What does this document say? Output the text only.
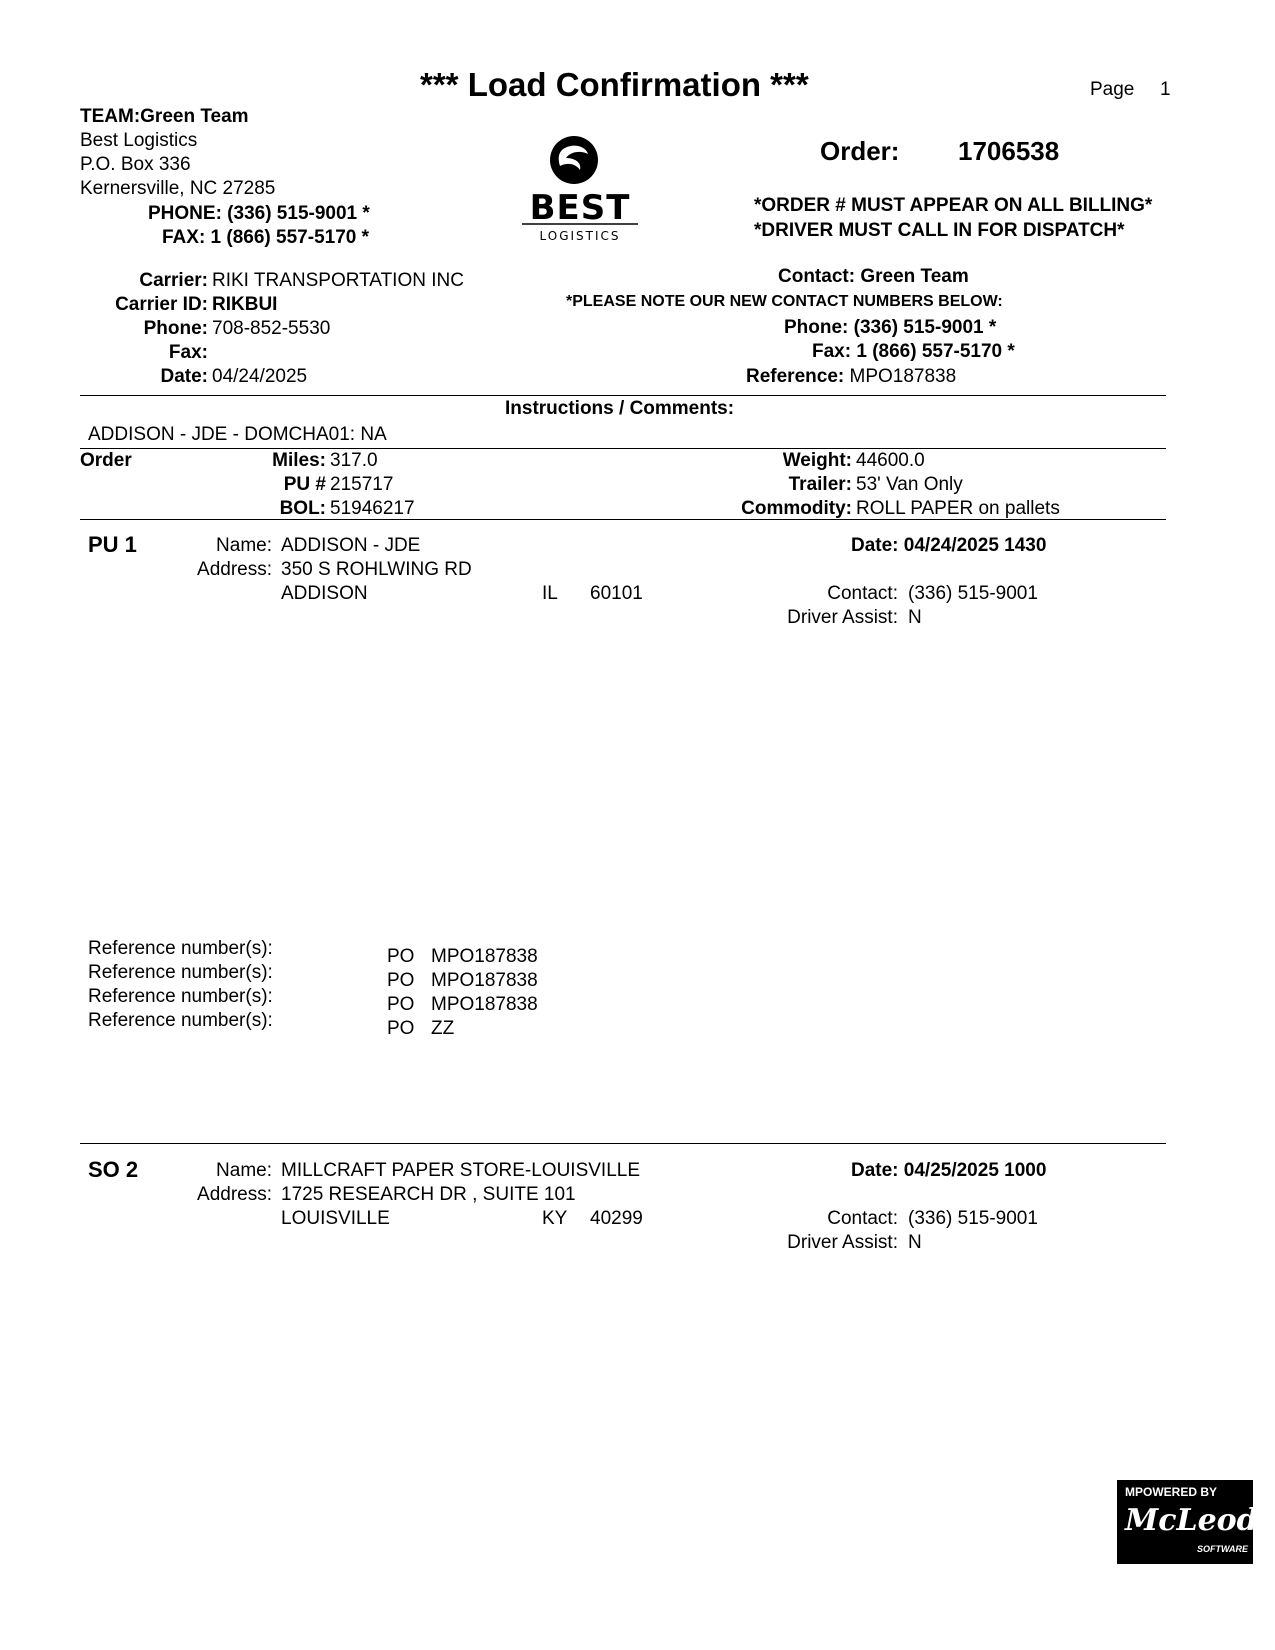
*** Load Confirmation ***	Page 1
TEAM:Green Team
Best Logistics
P.O. Box 336
Kernersville, NC 27285
PHONE: (336) 515-9001 *
FAX: 1 (866) 557-5170 *
BEST
LOGISTICS
Order: 1706538
*ORDER # MUST APPEAR ON ALL BILLING*
*DRIVER MUST CALL IN FOR DISPATCH*
Carrier: RIKI TRANSPORTATION INC
Carrier ID: RIKBUI
Phone: 708-852-5530
Fax:
Date: 04/24/2025
Contact: Green Team
*PLEASE NOTE OUR NEW CONTACT NUMBERS BELOW:
Phone: (336) 515-9001 *
Fax: 1 (866) 557-5170 *
Reference: MPO187838
Instructions / Comments:
ADDISON - JDE - DOMCHA01: NA
Order	Miles: 317.0
PU # 215717
BOL: 51946217
Weight: 44600.0
Trailer: 53' Van Only
Commodity: ROLL PAPER on pallets
PU 1	Name: ADDISON - JDE
Address: 350 S ROHLWING RD
ADDISON	IL 60101
Date: 04/24/2025 1430
Contact: (336) 515-9001
Driver Assist: N
Reference number(s):	PO MPO187838
Reference number(s):	PO MPO187838
Reference number(s):	PO MPO187838
Reference number(s):	PO ZZ
SO 2	Name: MILLCRAFT PAPER STORE-LOUISVILLE
Address: 1725 RESEARCH DR , SUITE 101
LOUISVILLE	KY 40299
Date: 04/25/2025 1000
Contact: (336) 515-9001
Driver Assist: N
MPOWERED BY
McLeod
SOFTWARE
